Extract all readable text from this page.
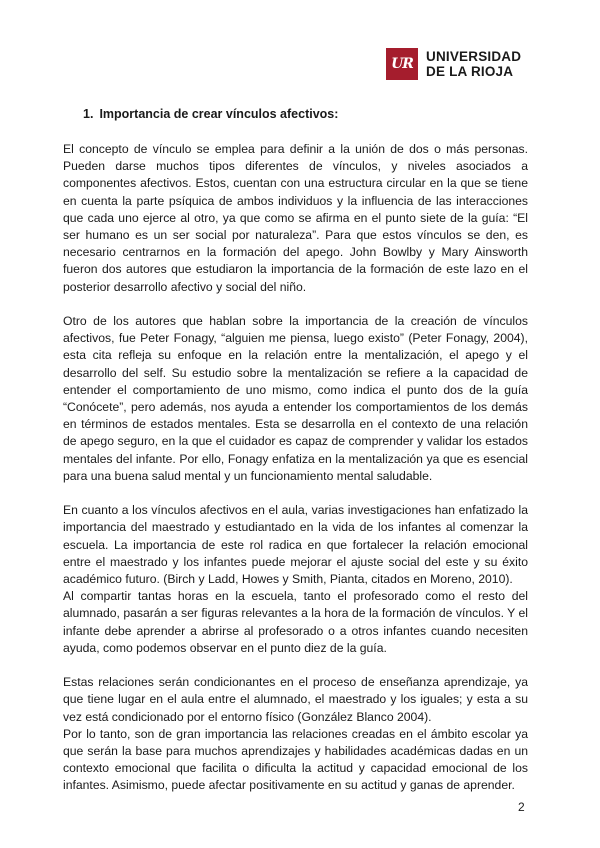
UR UNIVERSIDAD
DE LA RIOJA
1. Importancia de crear vínculos afectivos:

El concepto de vínculo se emplea para definir a la unión de dos o más personas. Pueden darse muchos tipos diferentes de vínculos, y niveles asociados a componentes afectivos. Estos, cuentan con una estructura circular en la que se tiene en cuenta la parte psíquica de ambos individuos y la influencia de las interacciones que cada uno ejerce al otro, ya que como se afirma en el punto siete de la guía: “El ser humano es un ser social por naturaleza”. Para que estos vínculos se den, es necesario centrarnos en la formación del apego. John Bowlby y Mary Ainsworth fueron dos autores que estudiaron la importancia de la formación de este lazo en el posterior desarrollo afectivo y social del niño.

Otro de los autores que hablan sobre la importancia de la creación de vínculos afectivos, fue Peter Fonagy, “alguien me piensa, luego existo” (Peter Fonagy, 2004), esta cita refleja su enfoque en la relación entre la mentalización, el apego y el desarrollo del self. Su estudio sobre la mentalización se refiere a la capacidad de entender el comportamiento de uno mismo, como indica el punto dos de la guía “Conócete”, pero además, nos ayuda a entender los comportamientos de los demás en términos de estados mentales. Esta se desarrolla en el contexto de una relación de apego seguro, en la que el cuidador es capaz de comprender y validar los estados mentales del infante. Por ello, Fonagy enfatiza en la mentalización ya que es esencial para una buena salud mental y un funcionamiento mental saludable.

En cuanto a los vínculos afectivos en el aula, varias investigaciones han enfatizado la importancia del maestrado y estudiantado en la vida de los infantes al comenzar la escuela. La importancia de este rol radica en que fortalecer la relación emocional entre el maestrado y los infantes puede mejorar el ajuste social del este y su éxito académico futuro. (Birch y Ladd, Howes y Smith, Pianta, citados en Moreno, 2010).

Al compartir tantas horas en la escuela, tanto el profesorado como el resto del alumnado, pasarán a ser figuras relevantes a la hora de la formación de vínculos. Y el infante debe aprender a abrirse al profesorado o a otros infantes cuando necesiten ayuda, como podemos observar en el punto diez de la guía.

Estas relaciones serán condicionantes en el proceso de enseñanza aprendizaje, ya que tiene lugar en el aula entre el alumnado, el maestrado y los iguales; y esta a su vez está condicionado por el entorno físico (González Blanco 2004).

Por lo tanto, son de gran importancia las relaciones creadas en el ámbito escolar ya que serán la base para muchos aprendizajes y habilidades académicas dadas en un contexto emocional que facilita o dificulta la actitud y capacidad emocional de los infantes. Asimismo, puede afectar positivamente en su actitud y ganas de aprender.

2
